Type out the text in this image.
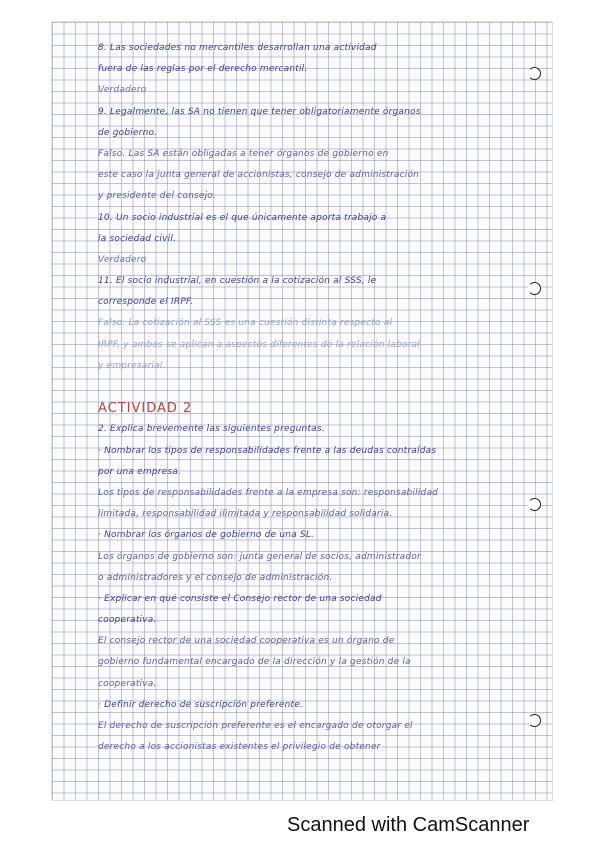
8. Las sociedades no mercantiles desarrollan una actividad
fuera de las reglas por el derecho mercantil.
Verdadero
9. Legalmente, las SA no tienen que tener obligatoriamente órganos
de gobierno.
Falso. Las SA están obligadas a tener órganos de gobierno en
este caso la junta general de accionistas, consejo de administración
y presidente del consejo.
10. Un socio industrial es el que únicamente aporta trabajo a
la sociedad civil.
Verdadero
11. El socio industrial, en cuestión a la cotización al SSS, le
corresponde el IRPF.
Falso. La cotización al SSS es una cuestión distinta respecto al
IRPF, y ambos se aplican a aspectos diferentes de la relación laboral
y empresarial.
ACTIVIDAD 2
2. Explica brevemente las siguientes preguntas.
· Nombrar los tipos de responsabilidades frente a las deudas contraídas
por una empresa.
Los tipos de responsabilidades frente a la empresa son: responsabilidad
limitada, responsabilidad ilimitada y responsabilidad solidaria.
· Nombrar los órganos de gobierno de una SL.
Los órganos de gobierno son: junta general de socios, administrador
o administradores y el consejo de administración.
· Explicar en qué consiste el Consejo rector de una sociedad
cooperativa.
El consejo rector de una sociedad cooperativa es un órgano de
gobierno fundamental encargado de la dirección y la gestión de la
cooperativa.
· Definir derecho de suscripción preferente.
El derecho de suscripción preferente es el encargado de otorgar el
derecho a los accionistas existentes el privilegio de obtener
Scanned with CamScanner
